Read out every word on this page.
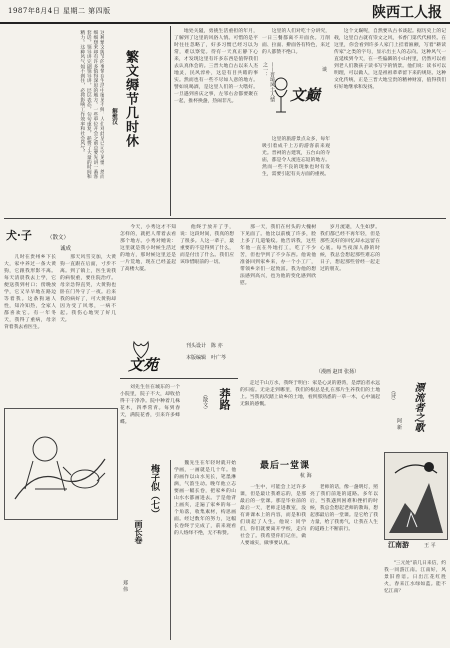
1987年8月4日 星期二 第四版	陕西工人报
这种繁文缛节的事情在生活中屡见不鲜，人们对此早已司空见惯，然而细细想来却有许多值得深思的地方。一些单位开会之前总要先讲一番客套话，领导讲完副领导讲，层层表态，句句重复，耗费了大量的时间和精力。这种风气如不刹住，必将影响工作效率和社会风气。	繁文缛节几时休
解维汉
　　地处关隘，勇挑生活重担的年月，了解到了这里的风俗人情。可惜的是平时往往忽略了，好多习惯已经习以为常，难以察觉。待有一天真正静下心来，才发现这里有许多东西是值得我们去认真体会的。三晋大地自古以来人杰地灵，民风淳朴，这是有目共睹的事实。然而也有一些不尽如人意的地方。譬如说喝酒，是这里人们的一大嗜好。一旦遇到喜庆之事，左邻右舍都要聚在一起，推杯换盏，热闹非凡。
　　这里的人们对吃十分讲究，一日三餐都离不开面食。刀削面、拉面、擀面各有特色，来过的人都赞不绝口。
——晋境风土人情之一：
文巅
谈
　　这里的旅游景点众多，每年吸引着成千上万的游客前来观光。晋祠的古建筑，五台山的寺庙，都是令人流连忘返的地方。然而一些不良的现象也时有发生，需要引起有关方面的重视。
　　这个文巅呢，自然要从古书谈起。据历史上的记载，这里自古就有崇文之风，书香门第代代相传。在这里，你会看到许多人家门上挂着匾额，写着"耕读传家"之类的字句，显示出主人的志向。这种风气一直延续到今天，在一些偏僻的小山村里，仍然可以看到老人们教孩子读书写字的情景。他们说：读书可以明理，可以做人，这是祖祖辈辈留下来的规矩。这种文化传统，正是三晋大地宝贵的精神财富，值得我们好好地继承和发扬。
犬·子	（散文）
诚成
　　儿时在贵州乡下长大，家中养过一条大黄狗，它跟我形影不离。每天清晨我去上学，它便送我到村口；傍晚放学，它又早早地在路边等着我。这条狗通人性，知冷知热，全家人都喜欢它。有一年冬天，我得了重病，母亲背着我去看医生。
　　那天风雪交加，大黄狗一直跟在后面，寸步不离。到了镇上，医生说我的病很重，要住院治疗。母亲急得直哭，大黄狗也卧在门外守了一夜。后来我的病好了，可大黄狗却因为受了风寒，一病不起。我伤心地哭了好几天。
　　今天，小秀这才不知怎样的，就把人带着去看那个地方。小秀对她说：这里就是我小时候生活过的地方，那时候这里还是一片荒地，现在已经盖起了高楼大厦。
　　他终于放开了手，说：这段时间，我真的想了很多。人这一辈子，最重要的不是得到了什么，而是付出了什么。我们应该珍惜眼前的一切。
文苑
刊头设计　 陈 亦
本版编辑　 叶广芩
　　那一天，我们在村头的大槐树下见面了。他比以前瘦了许多，脸上多了几道皱纹。他告诉我，这些年他一直在外地打工，吃了不少苦，但也学到了不少东西。他说他准备回到家乡来，办一个小工厂，带领乡亲们一起致富。我为他的想法感到高兴，也为他的变化感到欣慰。
　　岁月流逝，人生如梦。我们都已经不再年轻，但是那些美好的回忆却永远留在心底。每当夜深人静的时候，我总会想起那些难忘的日子，想起那些曾经一起走过的朋友。
漂流者之歌
（诗）
阿 新
（漫画 赵田 张扬）
　　走过千山万水，我终于明白：家是心灵的港湾，是漂泊者永远的归宿。无论走到哪里，我们的根总是扎在那片生养我们的土地上。当我再次踏上故乡的土地，看到那熟悉的一草一木，心中涌起无限的感慨。
　　刘先生住在城东的一个小院里，院子不大，却收拾得干干净净。院中种着几株花木，四季常青。每到春天，满院花香，引来许多蜂蝶。
莽路
（散文）
梅子似（七）
画长卷
郑 伟
　　魏先生在年轻时就开始学画，一画就是几十年。他的画作以山水见长，笔墨淋漓，气韵生动。晚年他立志要画一幅长卷，把家乡的山山水水都画进去。于是他背上画夹，走遍了家乡的每一个角落，收集素材，构思画面。经过数年的努力，这幅长卷终于完成了，前来观看的人络绎不绝，无不称赞。
最后一堂课
杭 海
　　一生中，可能会上过许多课，但是最让我难忘的，是那最后的一堂课。那是毕业前的最后一天，老师走进教室，没有讲课本上的内容，而是和我们谈起了人生。他说：同学们，你们就要离开学校，走向社会了。我希望你们记住，做人要诚实，做事要认真。
　　老师的话，像一盏明灯，照亮了我们前进的道路。多年以后，当我遇到困难和挫折的时候，我总会想起老师的教诲，想起那最后的一堂课。是它给了我力量，给了我勇气，让我在人生的道路上不断前行。
江南游	王 平
　　"三元处"前几日来信，约我一同游江南。江南好，风景旧曾谙。日出江花红胜火，春来江水绿如蓝。能不忆江南？
